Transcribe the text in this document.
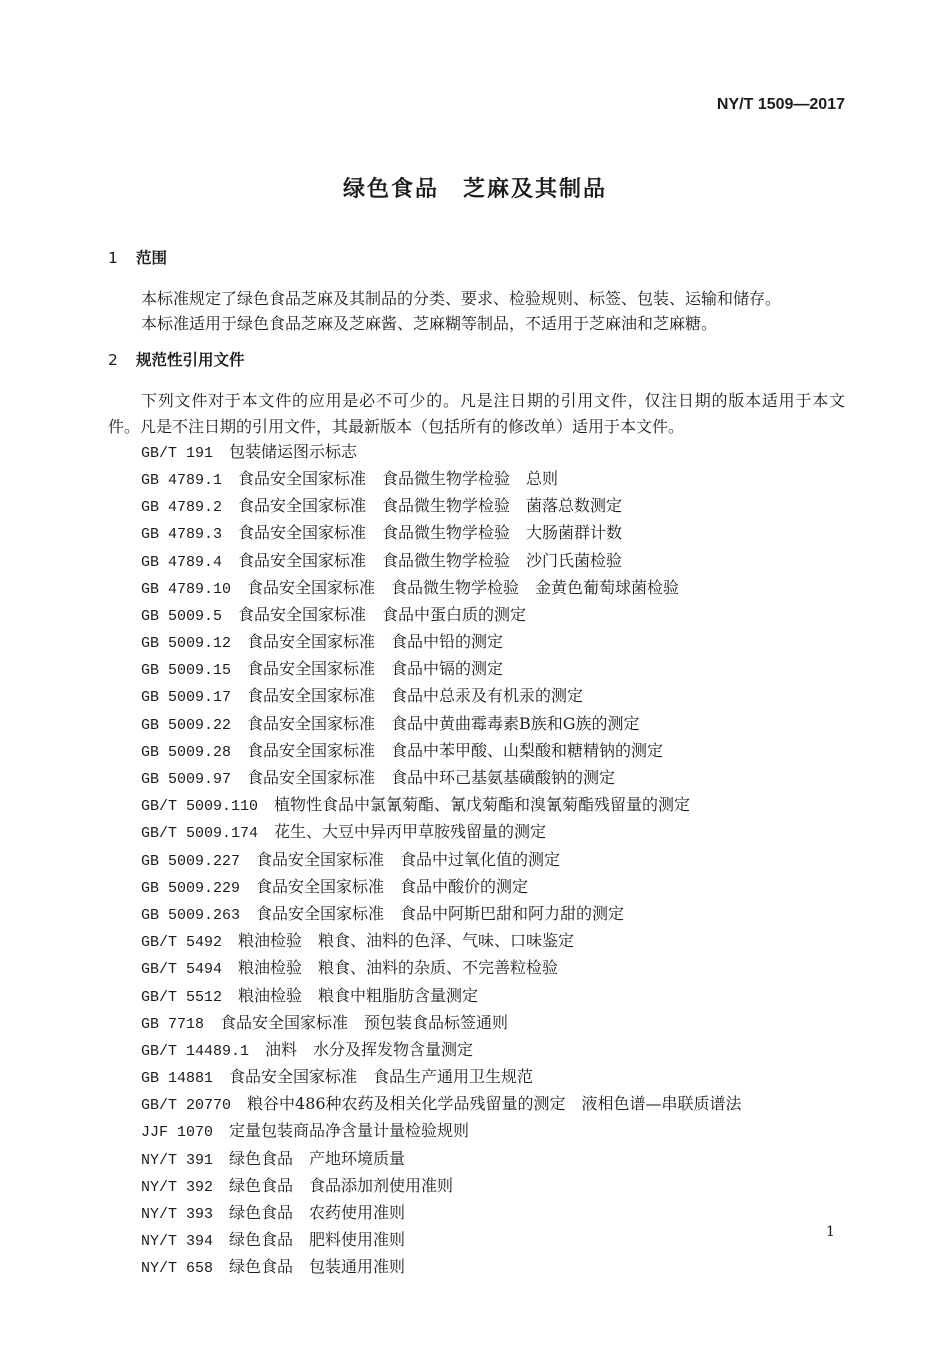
NY/T 1509—2017
绿色食品　芝麻及其制品
1 范围
本标准规定了绿色食品芝麻及其制品的分类、要求、检验规则、标签、包装、运输和储存。
本标准适用于绿色食品芝麻及芝麻酱、芝麻糊等制品，不适用于芝麻油和芝麻糖。
2 规范性引用文件
下列文件对于本文件的应用是必不可少的。凡是注日期的引用文件，仅注日期的版本适用于本文
件。凡是不注日期的引用文件，其最新版本（包括所有的修改单）适用于本文件。
GB/T 191 包装储运图示标志
GB 4789.1 食品安全国家标准　食品微生物学检验　总则
GB 4789.2 食品安全国家标准　食品微生物学检验　菌落总数测定
GB 4789.3 食品安全国家标准　食品微生物学检验　大肠菌群计数
GB 4789.4 食品安全国家标准　食品微生物学检验　沙门氏菌检验
GB 4789.10 食品安全国家标准　食品微生物学检验　金黄色葡萄球菌检验
GB 5009.5 食品安全国家标准　食品中蛋白质的测定
GB 5009.12 食品安全国家标准　食品中铅的测定
GB 5009.15 食品安全国家标准　食品中镉的测定
GB 5009.17 食品安全国家标准　食品中总汞及有机汞的测定
GB 5009.22 食品安全国家标准　食品中黄曲霉毒素B族和G族的测定
GB 5009.28 食品安全国家标准　食品中苯甲酸、山梨酸和糖精钠的测定
GB 5009.97 食品安全国家标准　食品中环己基氨基磺酸钠的测定
GB/T 5009.110 植物性食品中氯氰菊酯、氰戊菊酯和溴氰菊酯残留量的测定
GB/T 5009.174 花生、大豆中异丙甲草胺残留量的测定
GB 5009.227 食品安全国家标准　食品中过氧化值的测定
GB 5009.229 食品安全国家标准　食品中酸价的测定
GB 5009.263 食品安全国家标准　食品中阿斯巴甜和阿力甜的测定
GB/T 5492 粮油检验　粮食、油料的色泽、气味、口味鉴定
GB/T 5494 粮油检验　粮食、油料的杂质、不完善粒检验
GB/T 5512 粮油检验　粮食中粗脂肪含量测定
GB 7718 食品安全国家标准　预包装食品标签通则
GB/T 14489.1 油料　水分及挥发物含量测定
GB 14881 食品安全国家标准　食品生产通用卫生规范
GB/T 20770 粮谷中486种农药及相关化学品残留量的测定　液相色谱—串联质谱法
JJF 1070 定量包装商品净含量计量检验规则
NY/T 391 绿色食品　产地环境质量
NY/T 392 绿色食品　食品添加剂使用准则
NY/T 393 绿色食品　农药使用准则
NY/T 394 绿色食品　肥料使用准则
NY/T 658 绿色食品　包装通用准则
1
